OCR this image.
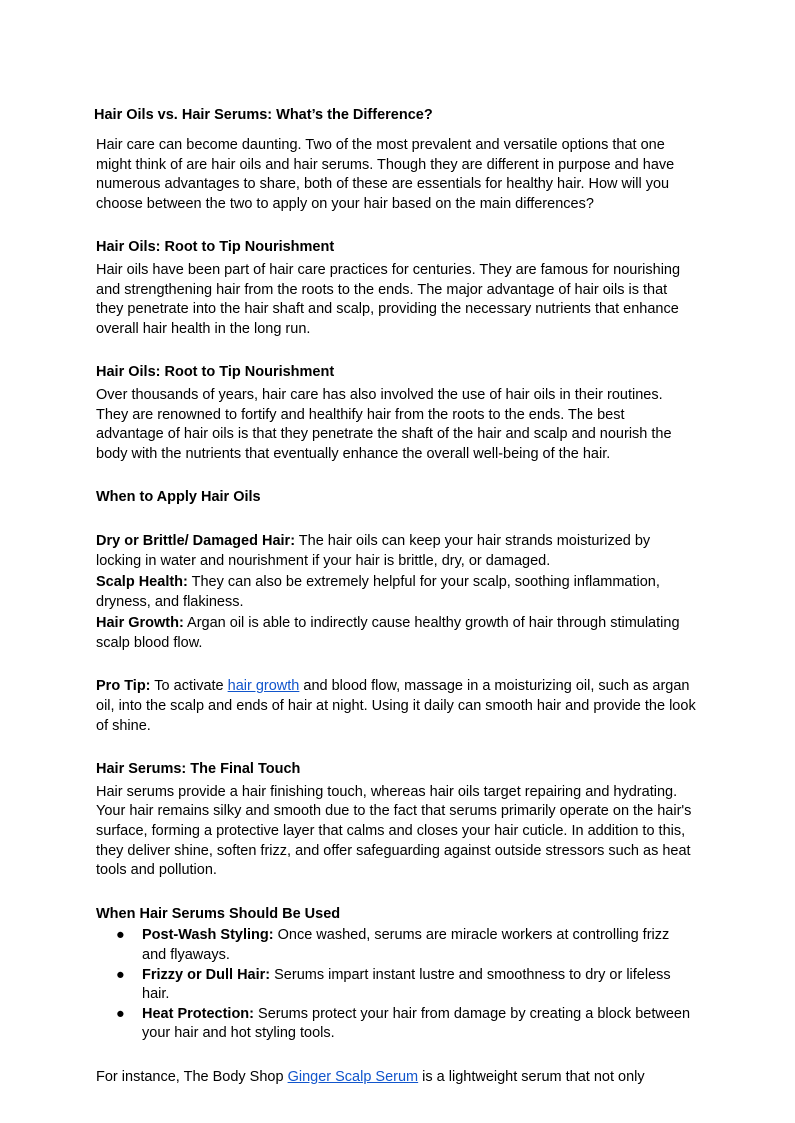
Hair Oils vs. Hair Serums: What’s the Difference?

Hair care can become daunting. Two of the most prevalent and versatile options that one might think of are hair oils and hair serums. Though they are different in purpose and have numerous advantages to share, both of these are essentials for healthy hair. How will you choose between the two to apply on your hair based on the main differences?

Hair Oils: Root to Tip Nourishment

Hair oils have been part of hair care practices for centuries. They are famous for nourishing and strengthening hair from the roots to the ends. The major advantage of hair oils is that they penetrate into the hair shaft and scalp, providing the necessary nutrients that enhance overall hair health in the long run.

Hair Oils: Root to Tip Nourishment

Over thousands of years, hair care has also involved the use of hair oils in their routines. They are renowned to fortify and healthify hair from the roots to the ends. The best advantage of hair oils is that they penetrate the shaft of the hair and scalp and nourish the body with the nutrients that eventually enhance the overall well-being of the hair.

When to Apply Hair Oils

Dry or Brittle/ Damaged Hair: The hair oils can keep your hair strands moisturized by locking in water and nourishment if your hair is brittle, dry, or damaged.

Scalp Health: They can also be extremely helpful for your scalp, soothing inflammation, dryness, and flakiness.

Hair Growth: Argan oil is able to indirectly cause healthy growth of hair through stimulating scalp blood flow.

Pro Tip: To activate hair growth and blood flow, massage in a moisturizing oil, such as argan oil, into the scalp and ends of hair at night. Using it daily can smooth hair and provide the look of shine.

Hair Serums: The Final Touch

Hair serums provide a hair finishing touch, whereas hair oils target repairing and hydrating. Your hair remains silky and smooth due to the fact that serums primarily operate on the hair's surface, forming a protective layer that calms and closes your hair cuticle. In addition to this, they deliver shine, soften frizz, and offer safeguarding against outside stressors such as heat tools and pollution.

When Hair Serums Should Be Used
● Post-Wash Styling: Once washed, serums are miracle workers at controlling frizz and flyaways.
● Frizzy or Dull Hair: Serums impart instant lustre and smoothness to dry or lifeless hair.
● Heat Protection: Serums protect your hair from damage by creating a block between your hair and hot styling tools.

For instance, The Body Shop Ginger Scalp Serum is a lightweight serum that not only
